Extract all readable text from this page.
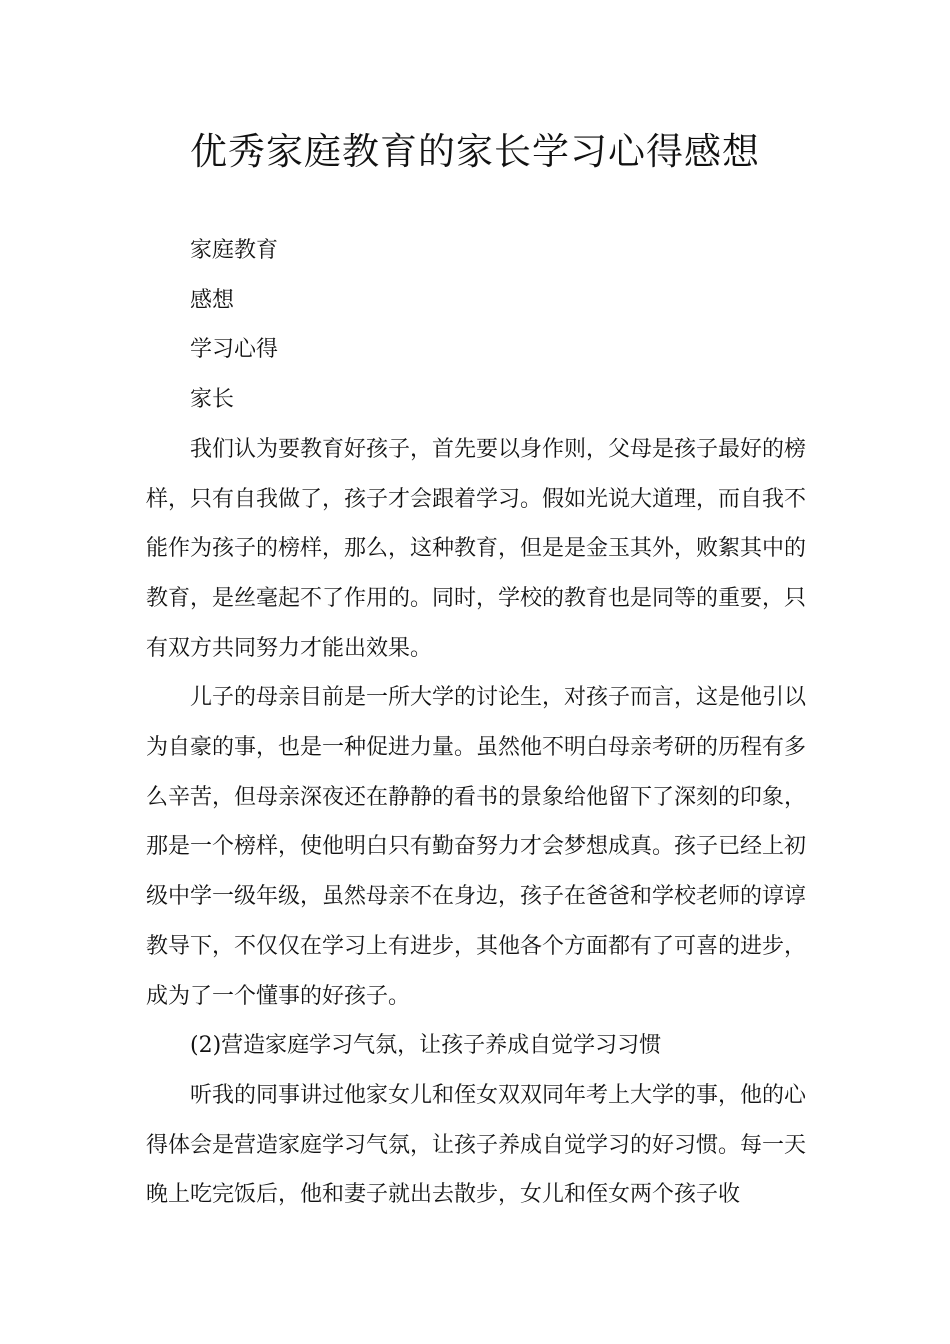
优秀家庭教育的家长学习心得感想

家庭教育

感想

学习心得

家长

我们认为要教育好孩子，首先要以身作则，父母是孩子最好的榜样，只有自我做了，孩子才会跟着学习。假如光说大道理，而自我不能作为孩子的榜样，那么，这种教育，但是是金玉其外，败絮其中的教育，是丝毫起不了作用的。同时，学校的教育也是同等的重要，只有双方共同努力才能出效果。

儿子的母亲目前是一所大学的讨论生，对孩子而言，这是他引以为自豪的事，也是一种促进力量。虽然他不明白母亲考研的历程有多么辛苦，但母亲深夜还在静静的看书的景象给他留下了深刻的印象，那是一个榜样，使他明白只有勤奋努力才会梦想成真。孩子已经上初级中学一级年级，虽然母亲不在身边，孩子在爸爸和学校老师的谆谆教导下，不仅仅在学习上有进步，其他各个方面都有了可喜的进步，成为了一个懂事的好孩子。

(2)营造家庭学习气氛，让孩子养成自觉学习习惯

听我的同事讲过他家女儿和侄女双双同年考上大学的事，他的心得体会是营造家庭学习气氛，让孩子养成自觉学习的好习惯。每一天晚上吃完饭后，他和妻子就出去散步，女儿和侄女两个孩子收
